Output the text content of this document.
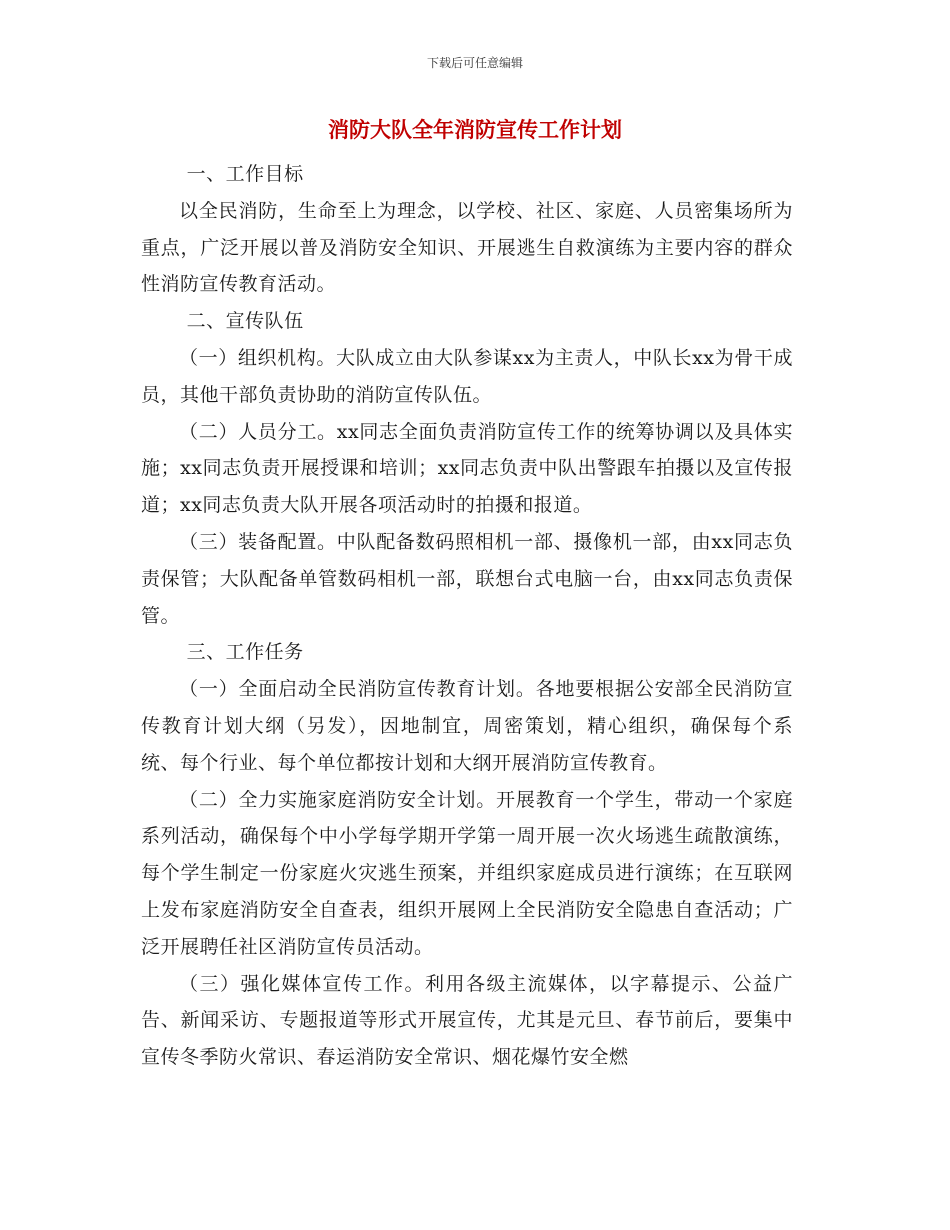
下载后可任意编辑
消防大队全年消防宣传工作计划

一、工作目标

以全民消防，生命至上为理念，以学校、社区、家庭、人员密集场所为重点，广泛开展以普及消防安全知识、开展逃生自救演练为主要内容的群众性消防宣传教育活动。

二、宣传队伍

（一）组织机构。大队成立由大队参谋xx为主责人，中队长xx为骨干成员，其他干部负责协助的消防宣传队伍。

（二）人员分工。xx同志全面负责消防宣传工作的统筹协调以及具体实施；xx同志负责开展授课和培训；xx同志负责中队出警跟车拍摄以及宣传报道；xx同志负责大队开展各项活动时的拍摄和报道。

（三）装备配置。中队配备数码照相机一部、摄像机一部，由xx同志负责保管；大队配备单管数码相机一部，联想台式电脑一台，由xx同志负责保管。

三、工作任务

（一）全面启动全民消防宣传教育计划。各地要根据公安部全民消防宣传教育计划大纲（另发），因地制宜，周密策划，精心组织，确保每个系统、每个行业、每个单位都按计划和大纲开展消防宣传教育。

（二）全力实施家庭消防安全计划。开展教育一个学生，带动一个家庭系列活动，确保每个中小学每学期开学第一周开展一次火场逃生疏散演练，每个学生制定一份家庭火灾逃生预案，并组织家庭成员进行演练；在互联网上发布家庭消防安全自查表，组织开展网上全民消防安全隐患自查活动；广泛开展聘任社区消防宣传员活动。

（三）强化媒体宣传工作。利用各级主流媒体，以字幕提示、公益广告、新闻采访、专题报道等形式开展宣传，尤其是元旦、春节前后，要集中宣传冬季防火常识、春运消防安全常识、烟花爆竹安全燃
